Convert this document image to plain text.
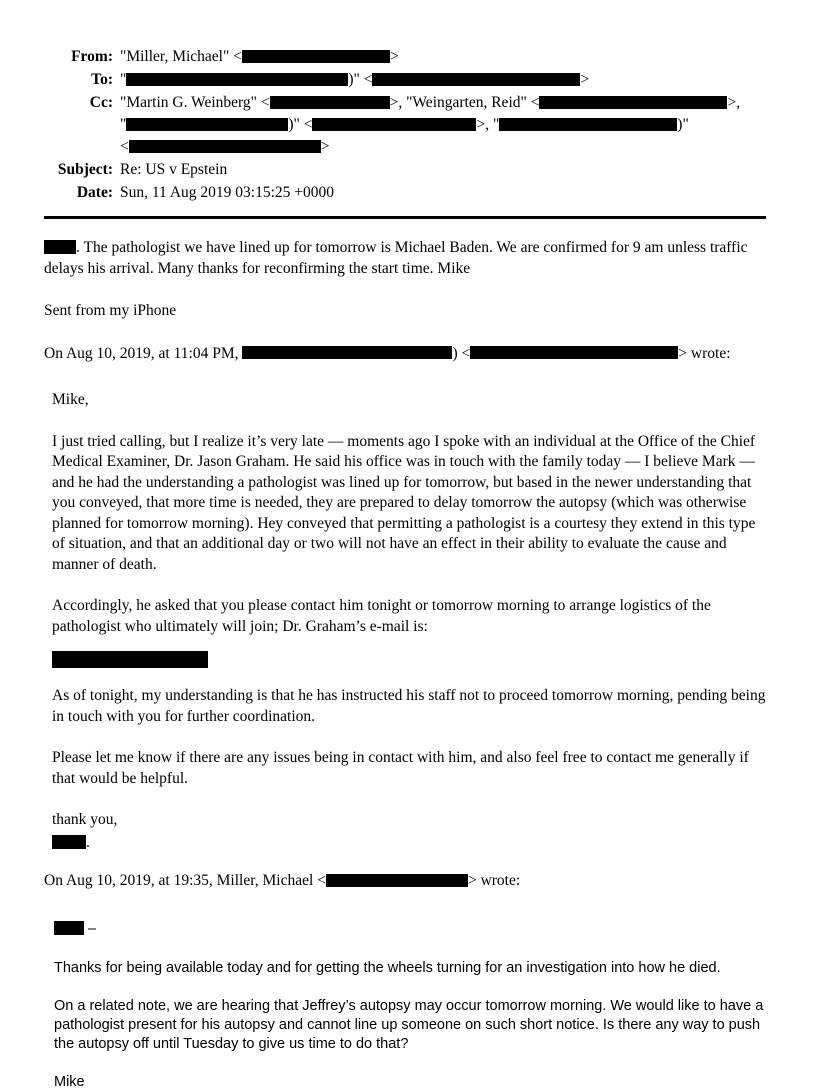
From: "Miller, Michael" <	>
To: "	)" <	>
Cc: "Martin G. Weinberg" <	>, "Weingarten, Reid" <	>,
"	)" <	>, "	)"
<	>
Subject: Re: US v Epstein
Date: Sun, 11 Aug 2019 03:15:25 +0000

. The pathologist we have lined up for tomorrow is Michael Baden. We are confirmed for 9 am unless traffic delays his arrival. Many thanks for reconfirming the start time. Mike

Sent from my iPhone

On Aug 10, 2019, at 11:04 PM,	) <	> wrote:

Mike,

I just tried calling, but I realize it’s very late — moments ago I spoke with an individual at the Office of the Chief Medical Examiner, Dr. Jason Graham. He said his office was in touch with the family today — I believe Mark — and he had the understanding a pathologist was lined up for tomorrow, but based in the newer understanding that you conveyed, that more time is needed, they are prepared to delay tomorrow the autopsy (which was otherwise planned for tomorrow morning). Hey conveyed that permitting a pathologist is a courtesy they extend in this type of situation, and that an additional day or two will not have an effect in their ability to evaluate the cause and manner of death.

Accordingly, he asked that you please contact him tonight or tomorrow morning to arrange logistics of the pathologist who ultimately will join; Dr. Graham’s e-mail is:

As of tonight, my understanding is that he has instructed his staff not to proceed tomorrow morning, pending being in touch with you for further coordination.

Please let me know if there are any issues being in contact with him, and also feel free to contact me generally if that would be helpful.

thank you,

.

On Aug 10, 2019, at 19:35, Miller, Michael <	> wrote:

–

Thanks for being available today and for getting the wheels turning for an investigation into how he died.

On a related note, we are hearing that Jeffrey’s autopsy may occur tomorrow morning. We would like to have a pathologist present for his autopsy and cannot line up someone on such short notice. Is there any way to push the autopsy off until Tuesday to give us time to do that?

Mike
